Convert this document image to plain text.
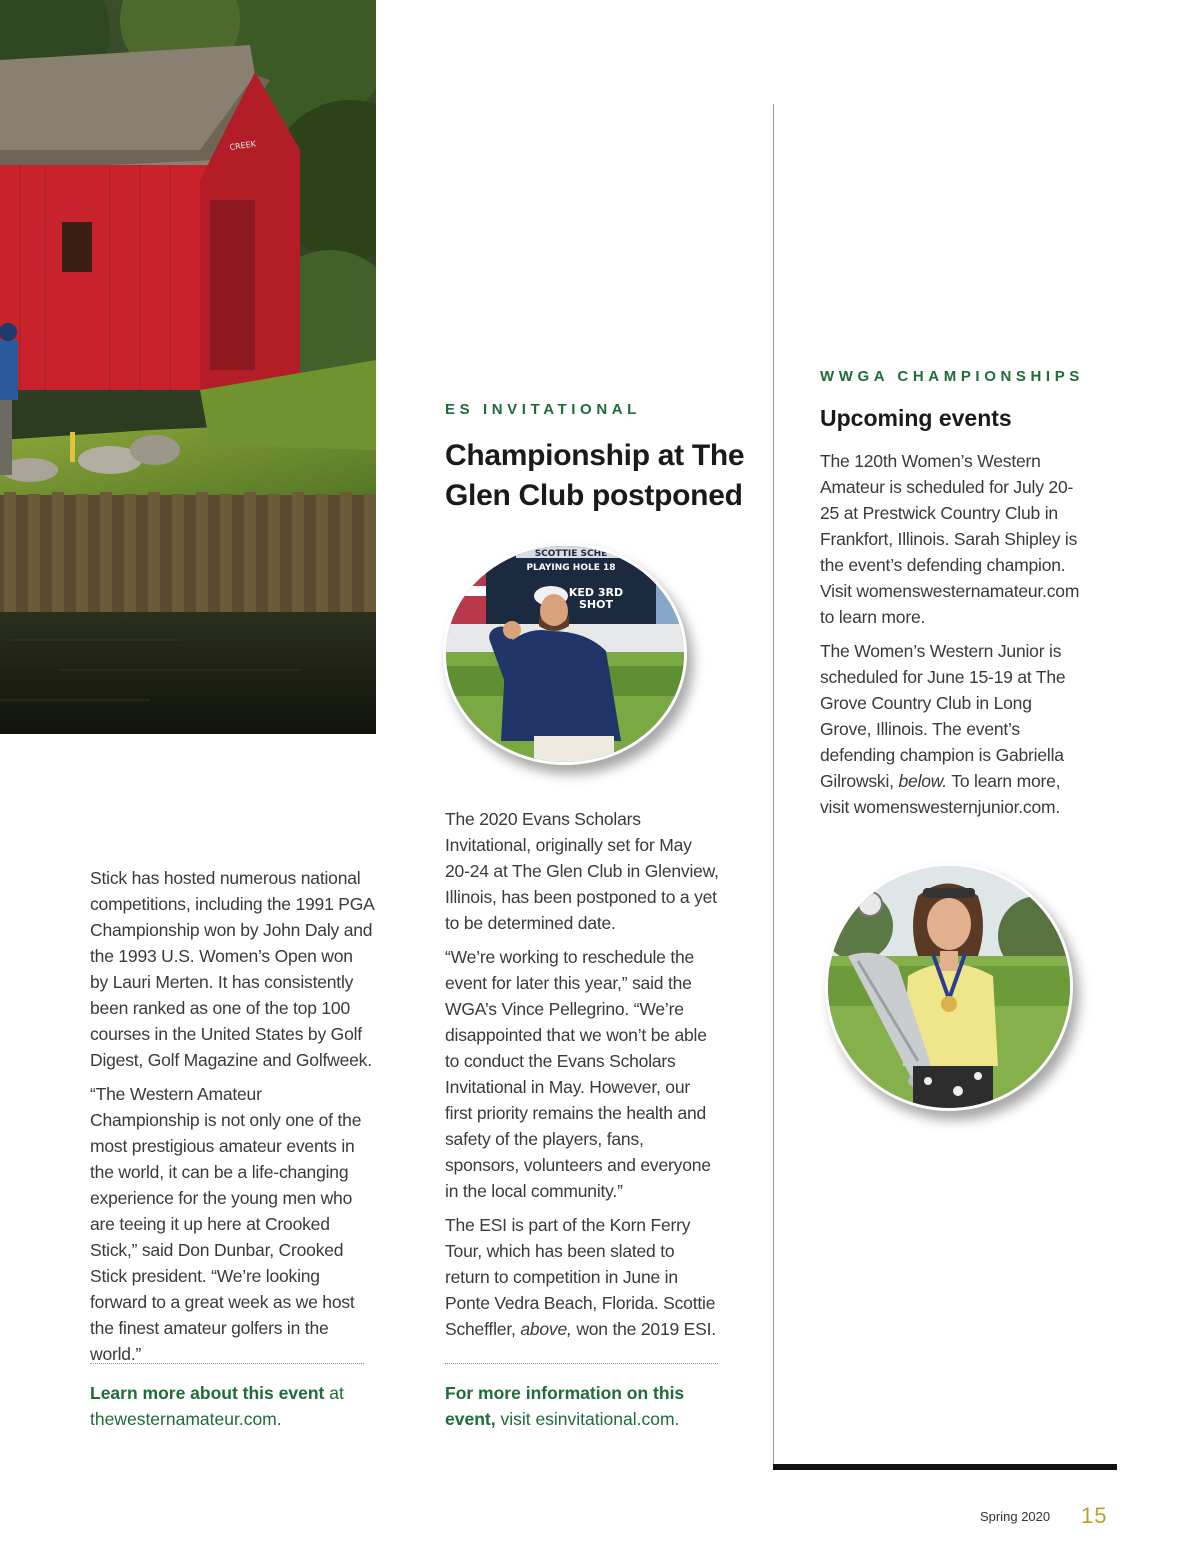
CREEK

Stick has hosted numerous national competitions, including the 1991 PGA Championship won by John Daly and the 1993 U.S. Women’s Open won by Lauri Merten. It has consistently been ranked as one of the top 100 courses in the United States by Golf Digest, Golf Magazine and Golfweek.

“The Western Amateur Championship is not only one of the most prestigious amateur events in the world, it can be a life-changing experience for the young men who are teeing it up here at Crooked Stick,” said Don Dunbar, Crooked Stick president. “We’re looking forward to a great week as we host the finest amateur golfers in the world.”

Learn more about this event at thewesternamateur.com.
ES INVITATIONAL
Championship at The Glen Club postponed
SCOTTIE SCHE
PLAYING HOLE 18
KED 3RD
SHOT

The 2020 Evans Scholars Invitational, originally set for May 20-24 at The Glen Club in Glenview, Illinois, has been postponed to a yet to be determined date.

“We’re working to reschedule the event for later this year,” said the WGA’s Vince Pellegrino. “We’re disappointed that we won’t be able to conduct the Evans Scholars Invitational in May. However, our first priority remains the health and safety of the players, fans, sponsors, volunteers and everyone in the local community.”

The ESI is part of the Korn Ferry Tour, which has been slated to return to competition in June in Ponte Vedra Beach, Florida. Scottie Scheffler, above, won the 2019 ESI.

For more information on this event, visit esinvitational.com.
WWGA CHAMPIONSHIPS
Upcoming events

The 120th Women’s Western Amateur is scheduled for July 20-25 at Prestwick Country Club in Frankfort, Illinois. Sarah Shipley is the event’s defending champion. Visit womenswesternamateur.com to learn more.

The Women’s Western Junior is scheduled for June 15-19 at The Grove Country Club in Long Grove, Illinois. The event’s defending champion is Gabriella Gilrowski, below. To learn more, visit womenswesternjunior.com.

Spring 2020 15
